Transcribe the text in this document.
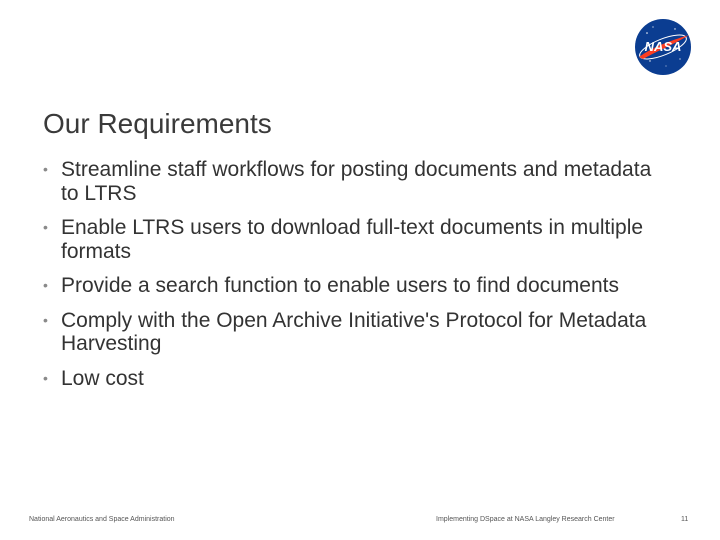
NASA
Our Requirements
• Streamline staff workflows for posting documents and metadata to LTRS
• Enable LTRS users to download full-text documents in multiple formats
• Provide a search function to enable users to find documents
• Comply with the Open Archive Initiative's Protocol for Metadata Harvesting
• Low cost
National Aeronautics and Space Administration	Implementing DSpace at NASA Langley Research Center	11
